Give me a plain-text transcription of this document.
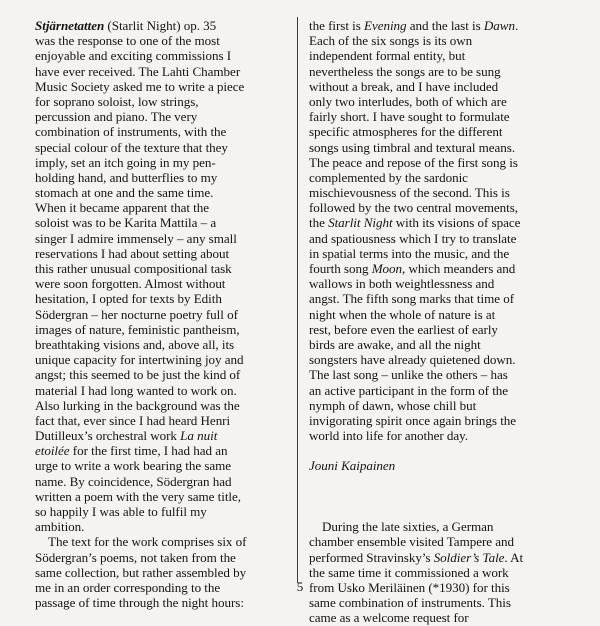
Stjärnetatten (Starlit Night) op. 35
was the response to one of the most
enjoyable and exciting commissions I
have ever received. The Lahti Chamber
Music Society asked me to write a piece
for soprano soloist, low strings,
percussion and piano. The very
combination of instruments, with the
special colour of the texture that they
imply, set an itch going in my pen-
holding hand, and butterflies to my
stomach at one and the same time.
When it became apparent that the
soloist was to be Karita Mattila – a
singer I admire immensely – any small
reservations I had about setting about
this rather unusual compositional task
were soon forgotten. Almost without
hesitation, I opted for texts by Edith
Södergran – her nocturne poetry full of
images of nature, feministic pantheism,
breathtaking visions and, above all, its
unique capacity for intertwining joy and
angst; this seemed to be just the kind of
material I had long wanted to work on.
Also lurking in the background was the
fact that, ever since I had heard Henri
Dutilleux’s orchestral work La nuit
etoilée for the first time, I had had an
urge to write a work bearing the same
name. By coincidence, Södergran had
written a poem with the very same title,
so happily I was able to fulfil my
ambition.
The text for the work comprises six of
Södergran’s poems, not taken from the
same collection, but rather assembled by
me in an order corresponding to the
passage of time through the night hours:
the first is Evening and the last is Dawn.
Each of the six songs is its own
independent formal entity, but
nevertheless the songs are to be sung
without a break, and I have included
only two interludes, both of which are
fairly short. I have sought to formulate
specific atmospheres for the different
songs using timbral and textural means.
The peace and repose of the first song is
complemented by the sardonic
mischievousness of the second. This is
followed by the two central movements,
the Starlit Night with its visions of space
and spatiousness which I try to translate
in spatial terms into the music, and the
fourth song Moon, which meanders and
wallows in both weightlessness and
angst. The fifth song marks that time of
night when the whole of nature is at
rest, before even the earliest of early
birds are awake, and all the night
songsters have already quietened down.
The last song – unlike the others – has
an active participant in the form of the
nymph of dawn, whose chill but
invigorating spirit once again brings the
world into life for another day.
Jouni Kaipainen
During the late sixties, a German
chamber ensemble visited Tampere and
performed Stravinsky’s Soldier’s Tale. At
the same time it commissioned a work
from Usko Meriläinen (*1930) for this
same combination of instruments. This
came as a welcome request for
5
